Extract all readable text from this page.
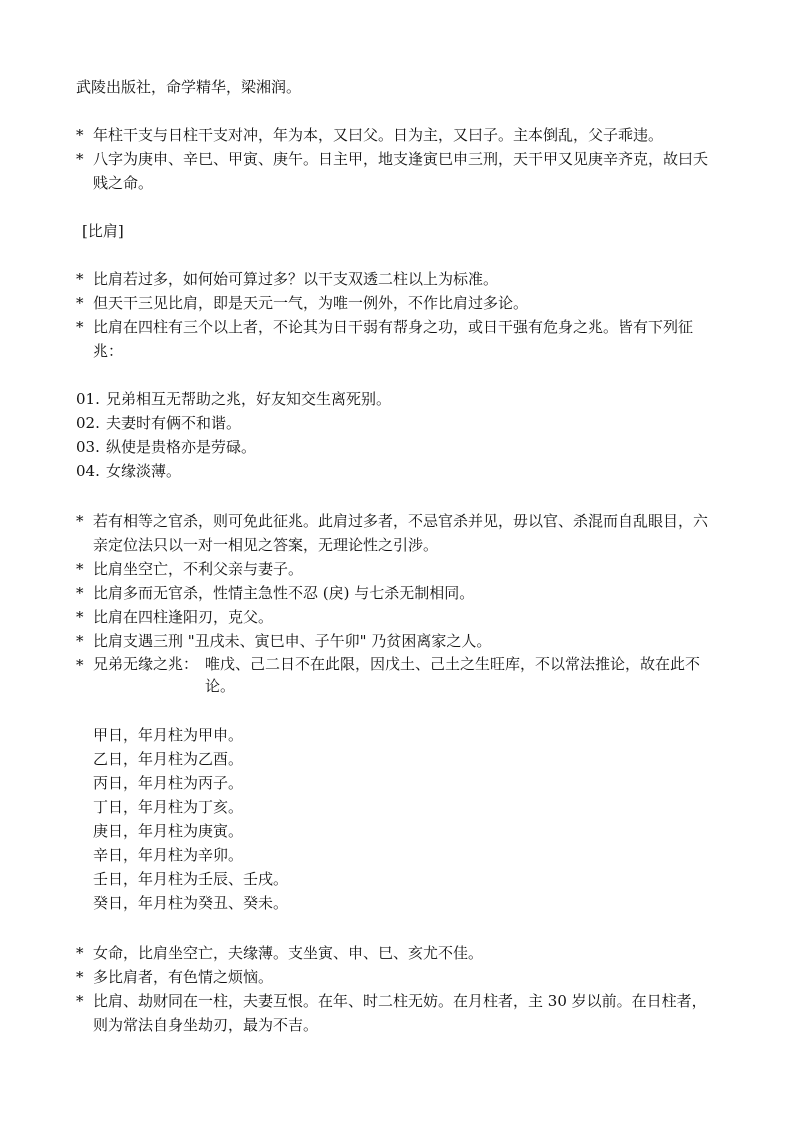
武陵出版社，命学精华，梁湘润。
* 年柱干支与日柱干支对冲，年为本，又曰父。日为主，又曰子。主本倒乱，父子乖违。
* 八字为庚申、辛巳、甲寅、庚午。日主甲，地支逢寅巳申三刑，天干甲又见庚辛齐克，故曰夭贱之命。
[比肩]
* 比肩若过多，如何始可算过多？以干支双透二柱以上为标准。
* 但天干三见比肩，即是天元一气，为唯一例外，不作比肩过多论。
* 比肩在四柱有三个以上者，不论其为日干弱有帮身之功，或日干强有危身之兆。皆有下列征兆：
01. 兄弟相互无帮助之兆，好友知交生离死别。
02. 夫妻时有俩不和谐。
03. 纵使是贵格亦是劳碌。
04. 女缘淡薄。
* 若有相等之官杀，则可免此征兆。此肩过多者，不忌官杀并见，毋以官、杀混而自乱眼目，六亲定位法只以一对一相见之答案，无理论性之引涉。
* 比肩坐空亡，不利父亲与妻子。
* 比肩多而无官杀，性情主急性不忍 (戾) 与七杀无制相同。
* 比肩在四柱逢阳刃，克父。
* 比肩支遇三刑 "丑戌未、寅巳申、子午卯" 乃贫困离家之人。
* 兄弟无缘之兆： 唯戊、己二日不在此限，因戊土、己土之生旺库，不以常法推论，故在此不论。
甲日，年月柱为甲申。
乙日，年月柱为乙酉。
丙日，年月柱为丙子。
丁日，年月柱为丁亥。
庚日，年月柱为庚寅。
辛日，年月柱为辛卯。
壬日，年月柱为壬辰、壬戌。
癸日，年月柱为癸丑、癸未。
* 女命，比肩坐空亡，夫缘薄。支坐寅、申、巳、亥尤不佳。
* 多比肩者，有色情之烦恼。
* 比肩、劫财同在一柱，夫妻互恨。在年、时二柱无妨。在月柱者，主 30 岁以前。在日柱者，则为常法自身坐劫刃，最为不吉。
